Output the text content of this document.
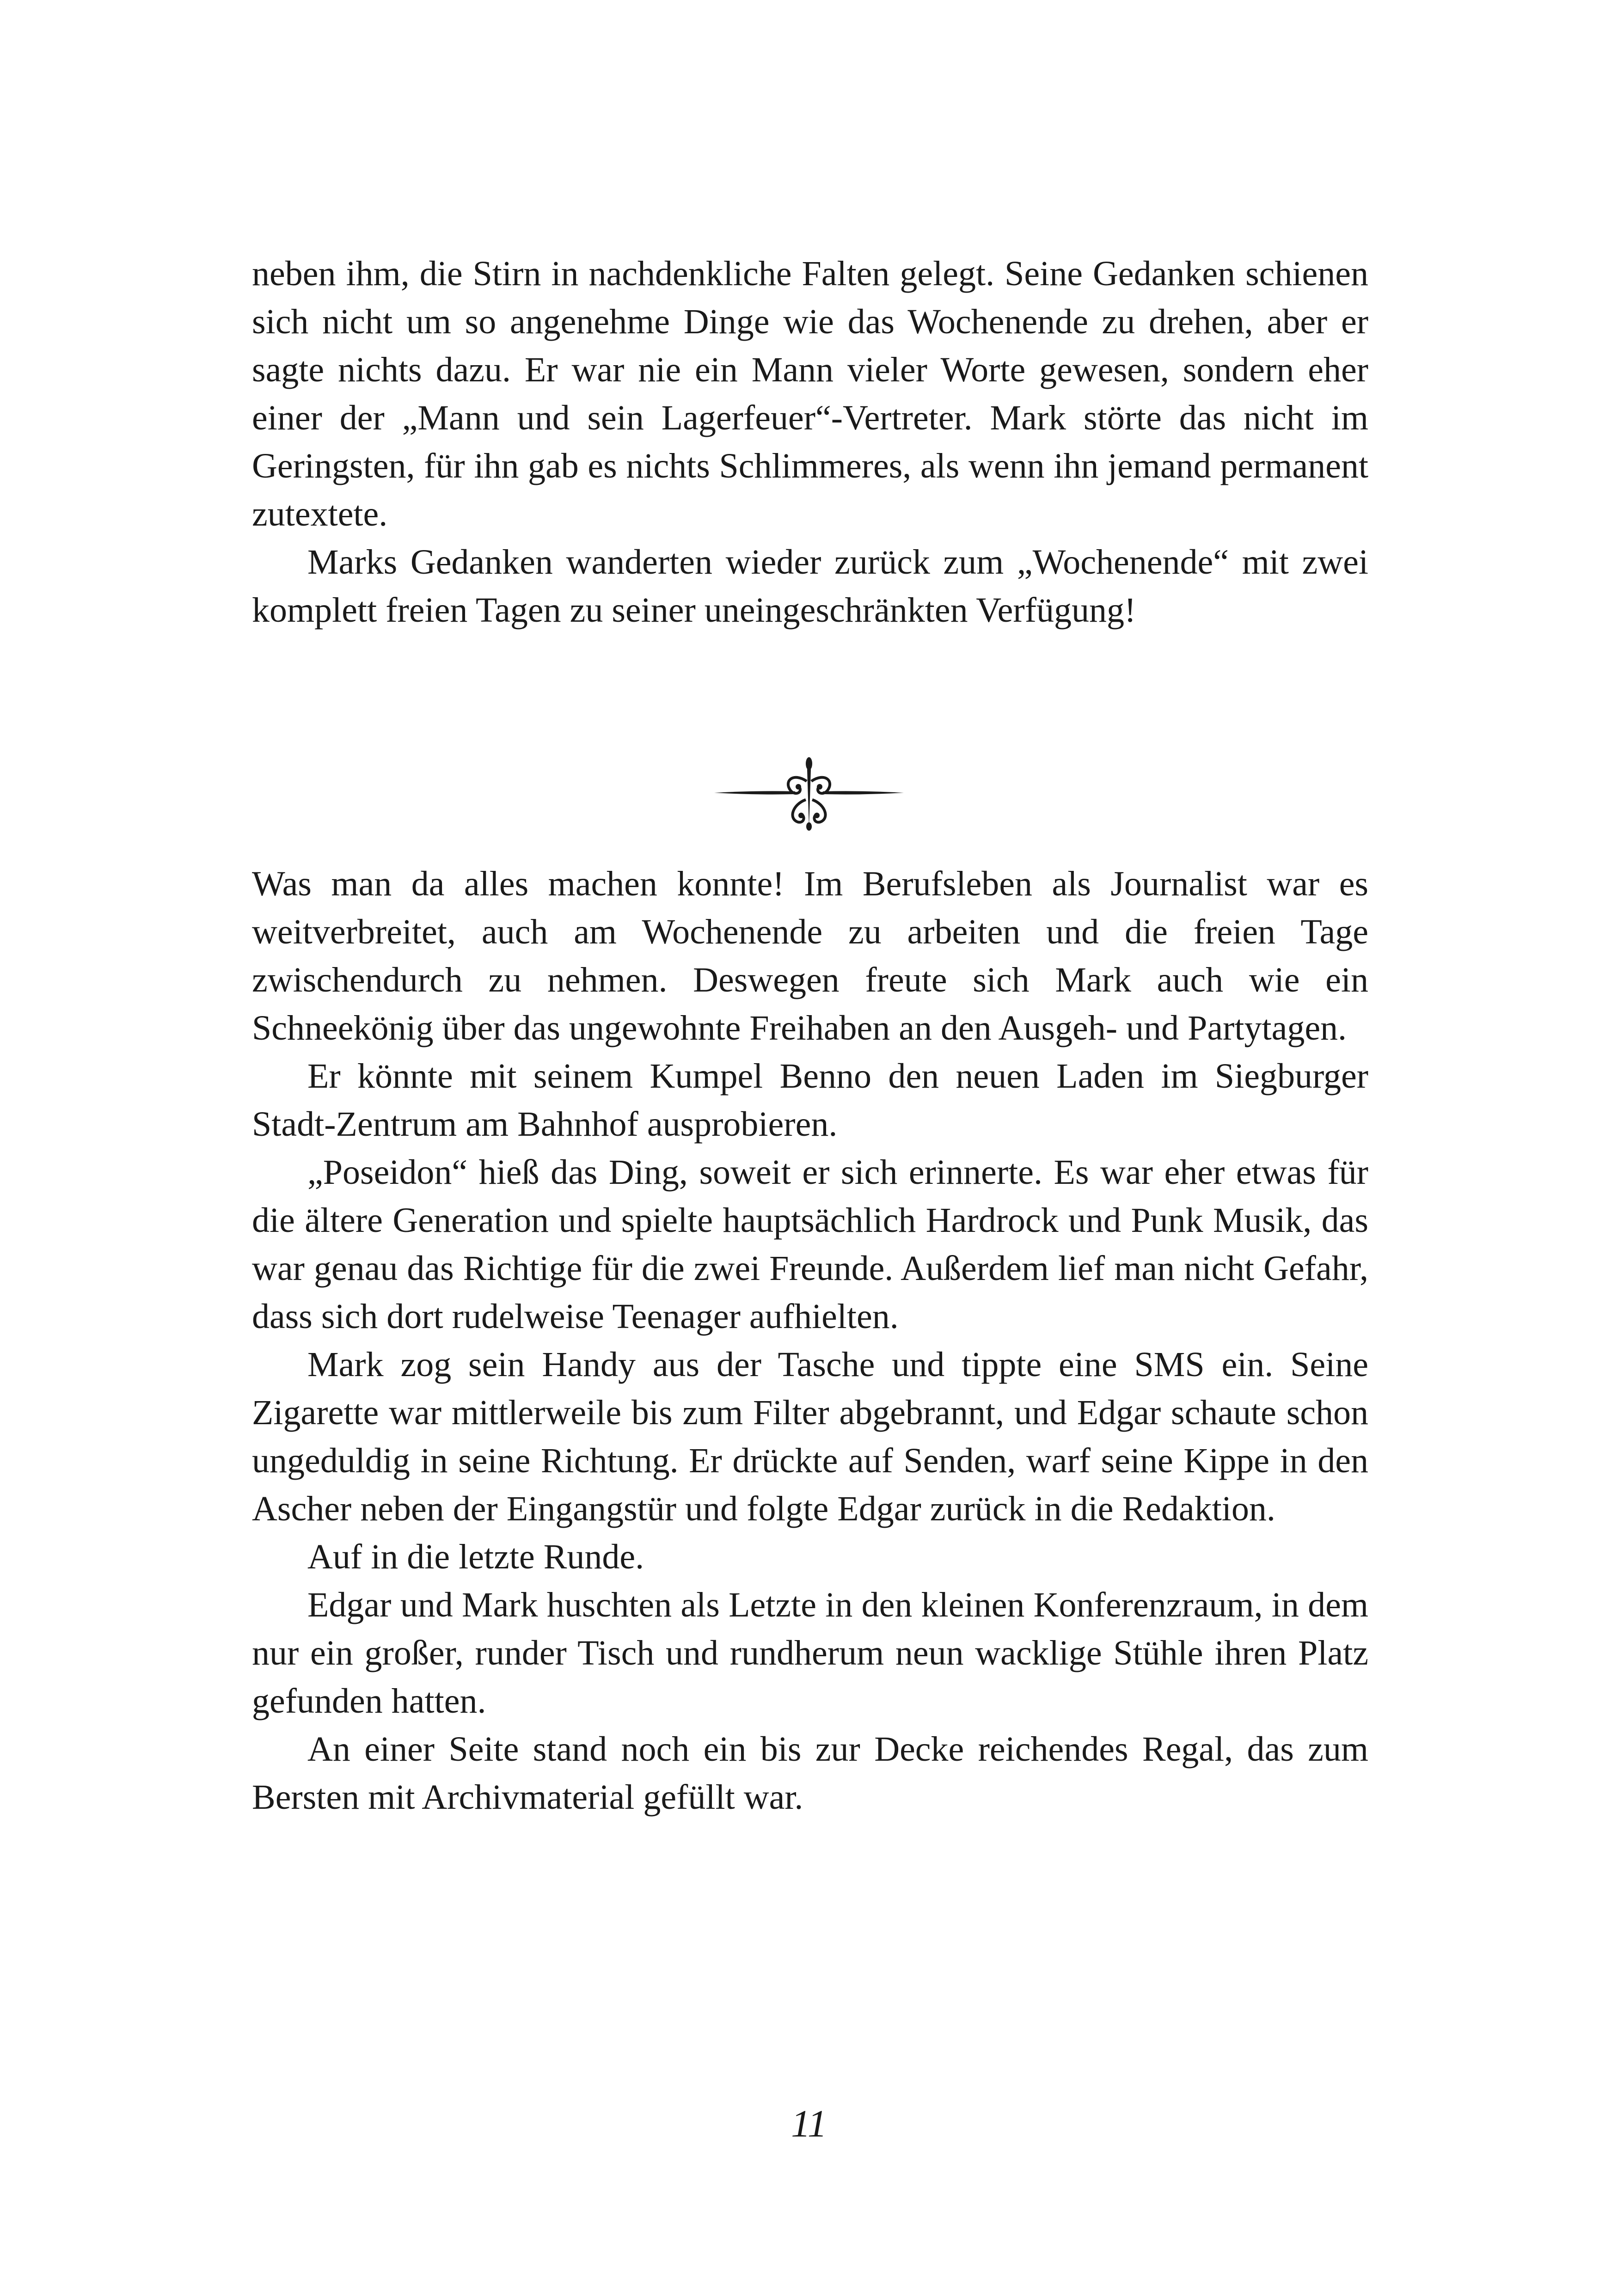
neben ihm, die Stirn in nachdenkliche Falten gelegt. Seine Gedanken schienen sich nicht um so angenehme Dinge wie das Wochenende zu drehen, aber er sagte nichts dazu. Er war nie ein Mann vieler Worte gewesen, sondern eher einer der „Mann und sein Lagerfeuer“-Vertreter. Mark störte das nicht im Geringsten, für ihn gab es nichts Schlimmeres, als wenn ihn jemand permanent zutextete.

Marks Gedanken wanderten wieder zurück zum „Wochenende“ mit zwei komplett freien Tagen zu seiner uneingeschränkten Verfügung!

Was man da alles machen konnte! Im Berufsleben als Journalist war es weitverbreitet, auch am Wochenende zu arbeiten und die freien Tage zwischendurch zu nehmen. Deswegen freute sich Mark auch wie ein Schneekönig über das ungewohnte Freihaben an den Ausgeh- und Partytagen.

Er könnte mit seinem Kumpel Benno den neuen Laden im Siegburger Stadt-Zentrum am Bahnhof ausprobieren.

„Poseidon“ hieß das Ding, soweit er sich erinnerte. Es war eher etwas für die ältere Generation und spielte hauptsächlich Hardrock und Punk Musik, das war genau das Richtige für die zwei Freunde. Außerdem lief man nicht Gefahr, dass sich dort rudelweise Teenager aufhielten.

Mark zog sein Handy aus der Tasche und tippte eine SMS ein. Seine Zigarette war mittlerweile bis zum Filter abgebrannt, und Edgar schaute schon ungeduldig in seine Richtung. Er drückte auf Senden, warf seine Kippe in den Ascher neben der Eingangstür und folgte Edgar zurück in die Redaktion.

Auf in die letzte Runde.

Edgar und Mark huschten als Letzte in den kleinen Konferenzraum, in dem nur ein großer, runder Tisch und rundherum neun wacklige Stühle ihren Platz gefunden hatten.

An einer Seite stand noch ein bis zur Decke reichendes Regal, das zum Bersten mit Archivmaterial gefüllt war.

11
